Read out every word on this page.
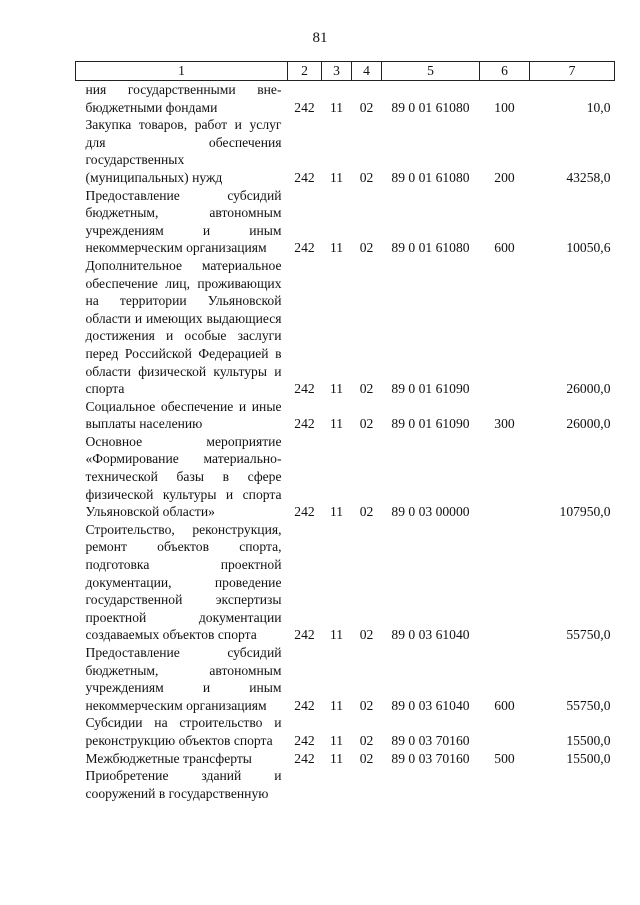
81
1	2	3	4	5	6	7
ния государственными вне-бюджетными фондами	242	11	02	89 0 01 61080	100	10,0
Закупка товаров, работ и услуг для обеспечения государственных (муниципальных) нужд	242	11	02	89 0 01 61080	200	43258,0
Предоставление субсидий бюджетным, автономным учреждениям и иным некоммерческим организациям	242	11	02	89 0 01 61080	600	10050,6
Дополнительное материальное обеспечение лиц, проживающих на территории Ульяновской области и имеющих выдающиеся достижения и особые заслуги перед Российской Федерацией в области физической культуры и спорта	242	11	02	89 0 01 61090		26000,0
Социальное обеспечение и иные выплаты населению	242	11	02	89 0 01 61090	300	26000,0
Основное мероприятие «Формирование материально-технической базы в сфере физической культуры и спорта Ульяновской области»	242	11	02	89 0 03 00000		107950,0
Строительство, реконструкция, ремонт объектов спорта, подготовка проектной документации, проведение государственной экспертизы проектной документации создаваемых объектов спорта	242	11	02	89 0 03 61040		55750,0
Предоставление субсидий бюджетным, автономным учреждениям и иным некоммерческим организациям	242	11	02	89 0 03 61040	600	55750,0
Субсидии на строительство и реконструкцию объектов спорта	242	11	02	89 0 03 70160		15500,0
Межбюджетные трансферты	242	11	02	89 0 03 70160	500	15500,0
Приобретение зданий и сооружений в государственную						
